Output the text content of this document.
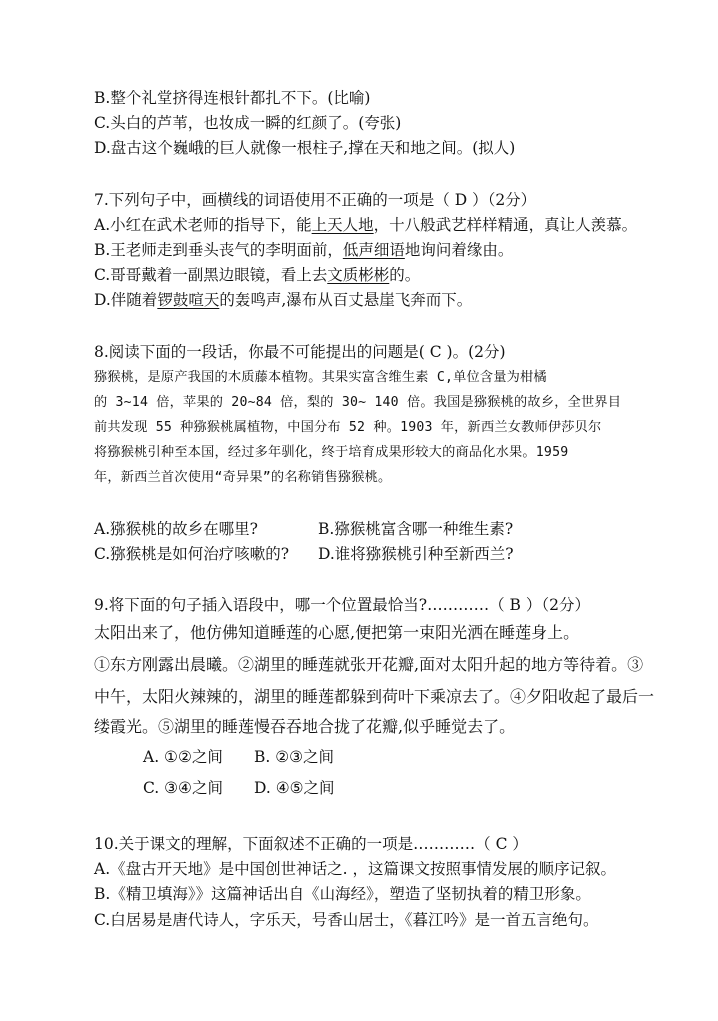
B.整个礼堂挤得连根针都扎不下。(比喻)
C.头白的芦苇，也妆成一瞬的红颜了。(夸张)
D.盘古这个巍峨的巨人就像一根柱子,撑在天和地之间。(拟人)
7.下列句子中，画横线的词语使用不正确的一项是（ D ）（2分）
A.小红在武术老师的指导下，能上天人地，十八般武艺样样精通，真让人羡慕。
B.王老师走到垂头丧气的李明面前，低声细语地询问着缘由。
C.哥哥戴着一副黑边眼镜，看上去文质彬彬的。
D.伴随着锣鼓喧天的轰鸣声,瀑布从百丈悬崖飞奔而下。
8.阅读下面的一段话，你最不可能提出的问题是( C )。(2分)
猕猴桃，是原产我国的木质藤本植物。其果实富含维生素 C,单位含量为柑橘
的 3~14 倍，苹果的 20~84 倍，梨的 30~ 140 倍。我国是猕猴桃的故乡，全世界目
前共发现 55 种猕猴桃属植物，中国分布 52 种。1903 年，新西兰女教师伊莎贝尔
将猕猴桃引种至本国，经过多年驯化，终于培育成果形较大的商品化水果。1959
年，新西兰首次使用“奇异果”的名称销售猕猴桃。
A.猕猴桃的故乡在哪里?	B.猕猴桃富含哪一种维生素?
C.猕猴桃是如何治疗咳嗽的? D.谁将猕猴桃引种至新西兰?
9.将下面的句子插入语段中，哪一个位置最恰当?…………（ B ）（2分）
太阳出来了，他仿佛知道睡莲的心愿,便把第一束阳光洒在睡莲身上。
①东方刚露出晨曦。②湖里的睡莲就张开花瓣,面对太阳升起的地方等待着。③
中午，太阳火辣辣的，湖里的睡莲都躲到荷叶下乘凉去了。④夕阳收起了最后一
缕霞光。⑤湖里的睡莲慢吞吞地合拢了花瓣,似乎睡觉去了。
A. ①②之间 B. ②③之间
C. ③④之间 D. ④⑤之间
10.关于课文的理解，下面叙述不正确的一项是…………（ C ）
A.《盘古开天地》是中国创世神话之. ，这篇课文按照事情发展的顺序记叙。
B.《精卫填海》》这篇神话出自《山海经》，塑造了坚韧执着的精卫形象。
C.白居易是唐代诗人，字乐天，号香山居士，《暮江吟》是一首五言绝句。
